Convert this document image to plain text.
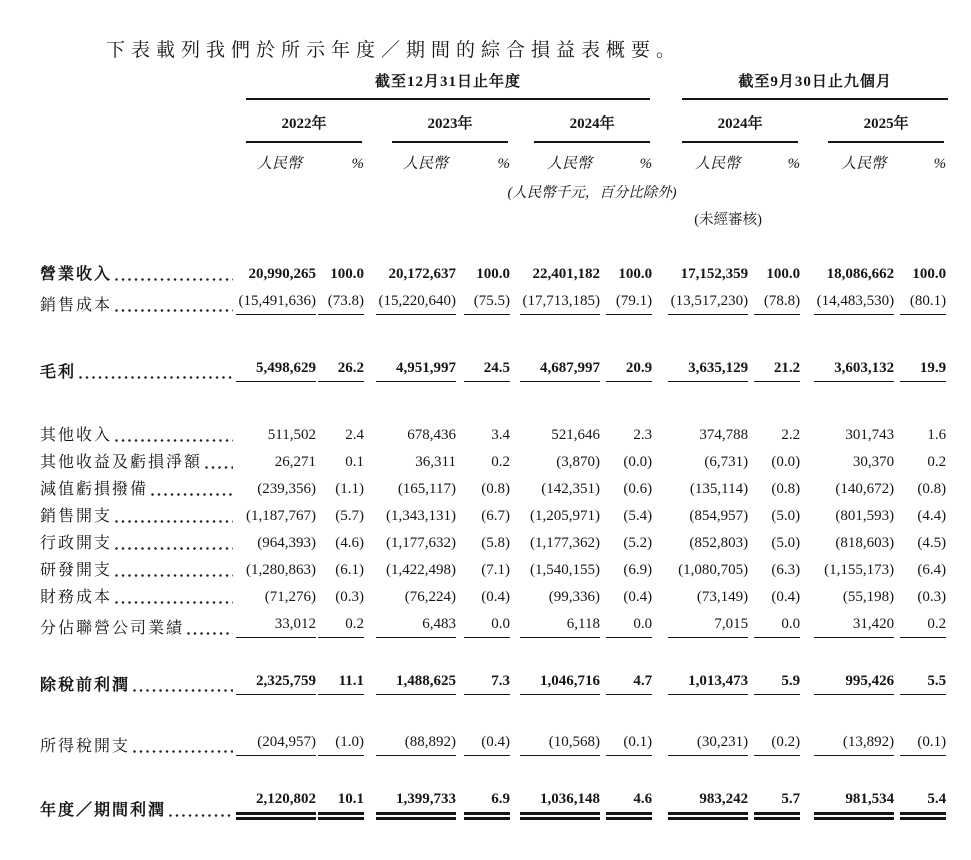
下表載列我們於所示年度／期間的綜合損益表概要。

	截至12月31日止年度						截至9月30日止九個月			

	2022年		2023年		2024年		2024年		2025年	

	人民幣	%	人民幣	%	人民幣	%	人民幣	%	人民幣	%
	(人民幣千元，百分比除外)									
							(未經審核)			

營業收入	20,990,265	100.0	20,172,637	100.0	22,401,182	100.0	17,152,359	100.0	18,086,662	100.0

銷售成本	(15,491,636)	(73.8)	(15,220,640)	(75.5)	(17,713,185)	(79.1)	(13,517,230)	(78.8)	(14,483,530)	(80.1)

毛利	5,498,629	26.2	4,951,997	24.5	4,687,997	20.9	3,635,129	21.2	3,603,132	19.9

其他收入	511,502	2.4	678,436	3.4	521,646	2.3	374,788	2.2	301,743	1.6

其他收益及虧損淨額	26,271	0.1	36,311	0.2	(3,870)	(0.0)	(6,731)	(0.0)	30,370	0.2

減值虧損撥備	(239,356)	(1.1)	(165,117)	(0.8)	(142,351)	(0.6)	(135,114)	(0.8)	(140,672)	(0.8)

銷售開支	(1,187,767)	(5.7)	(1,343,131)	(6.7)	(1,205,971)	(5.4)	(854,957)	(5.0)	(801,593)	(4.4)

行政開支	(964,393)	(4.6)	(1,177,632)	(5.8)	(1,177,362)	(5.2)	(852,803)	(5.0)	(818,603)	(4.5)

研發開支	(1,280,863)	(6.1)	(1,422,498)	(7.1)	(1,540,155)	(6.9)	(1,080,705)	(6.3)	(1,155,173)	(6.4)

財務成本	(71,276)	(0.3)	(76,224)	(0.4)	(99,336)	(0.4)	(73,149)	(0.4)	(55,198)	(0.3)

分佔聯營公司業績	33,012	0.2	6,483	0.0	6,118	0.0	7,015	0.0	31,420	0.2

除稅前利潤	2,325,759	11.1	1,488,625	7.3	1,046,716	4.7	1,013,473	5.9	995,426	5.5

所得稅開支	(204,957)	(1.0)	(88,892)	(0.4)	(10,568)	(0.1)	(30,231)	(0.2)	(13,892)	(0.1)

年度／期間利潤	2,120,802	10.1	1,399,733	6.9	1,036,148	4.6	983,242	5.7	981,534	5.4
